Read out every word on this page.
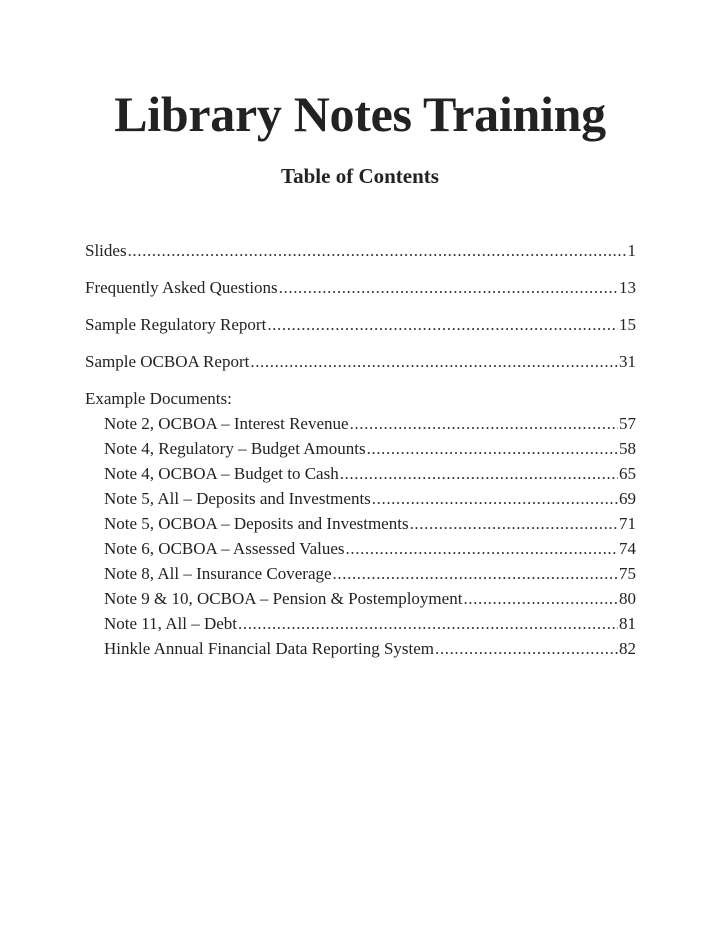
Library Notes Training
Table of Contents
Slides .....	1
Frequently Asked Questions .....	13
Sample Regulatory Report .....	15
Sample OCBOA Report .....	31
Example Documents:
Note 2, OCBOA – Interest Revenue .....	57
Note 4, Regulatory – Budget Amounts .....	58
Note 4, OCBOA – Budget to Cash .....	65
Note 5, All – Deposits and Investments .....	69
Note 5, OCBOA – Deposits and Investments .....	71
Note 6, OCBOA – Assessed Values .....	74
Note 8, All – Insurance Coverage .....	75
Note 9 & 10, OCBOA – Pension & Postemployment .....	80
Note 11, All – Debt .....	81
Hinkle Annual Financial Data Reporting System .....	82
